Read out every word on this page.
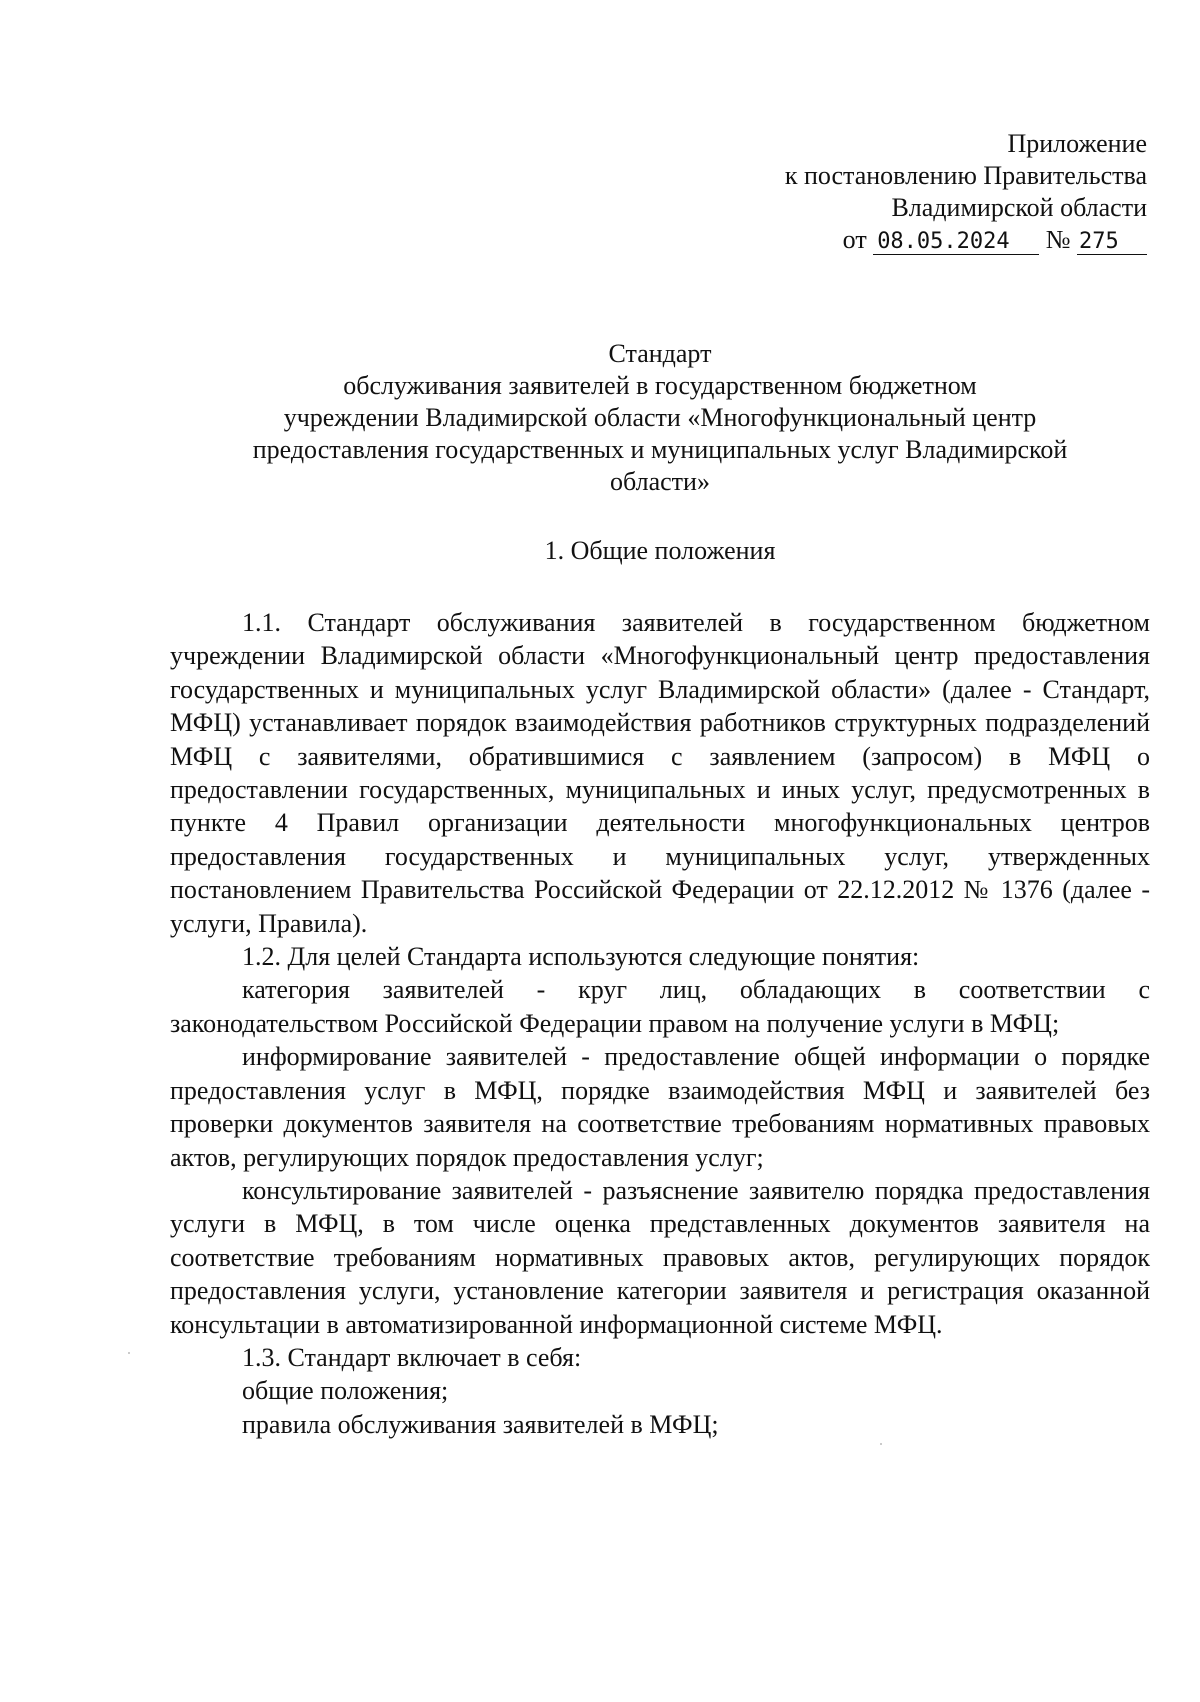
Приложение
к постановлению Правительства
Владимирской области
от 08.05.2024 № 275
Стандарт
обслуживания заявителей в государственном бюджетном
учреждении Владимирской области «Многофункциональный центр
предоставления государственных и муниципальных услуг Владимирской
области»
1. Общие положения

1.1. Стандарт обслуживания заявителей в государственном бюджетном учреждении Владимирской области «Многофункциональный центр предоставления государственных и муниципальных услуг Владимирской области» (далее - Стандарт, МФЦ) устанавливает порядок взаимодействия работников структурных подразделений МФЦ с заявителями, обратившимися с заявлением (запросом) в МФЦ о предоставлении государственных, муниципальных и иных услуг, предусмотренных в пункте 4 Правил организации деятельности многофункциональных центров предоставления государственных и муниципальных услуг, утвержденных постановлением Правительства Российской Федерации от 22.12.2012 № 1376 (далее - услуги, Правила).

1.2. Для целей Стандарта используются следующие понятия:

категория заявителей - круг лиц, обладающих в соответствии с законодательством Российской Федерации правом на получение услуги в МФЦ;

информирование заявителей - предоставление общей информации о порядке предоставления услуг в МФЦ, порядке взаимодействия МФЦ и заявителей без проверки документов заявителя на соответствие требованиям нормативных правовых актов, регулирующих порядок предоставления услуг;

консультирование заявителей - разъяснение заявителю порядка предоставления услуги в МФЦ, в том числе оценка представленных документов заявителя на соответствие требованиям нормативных правовых актов, регулирующих порядок предоставления услуги, установление категории заявителя и регистрация оказанной консультации в автоматизированной информационной системе МФЦ.

1.3. Стандарт включает в себя:

общие положения;

правила обслуживания заявителей в МФЦ;
